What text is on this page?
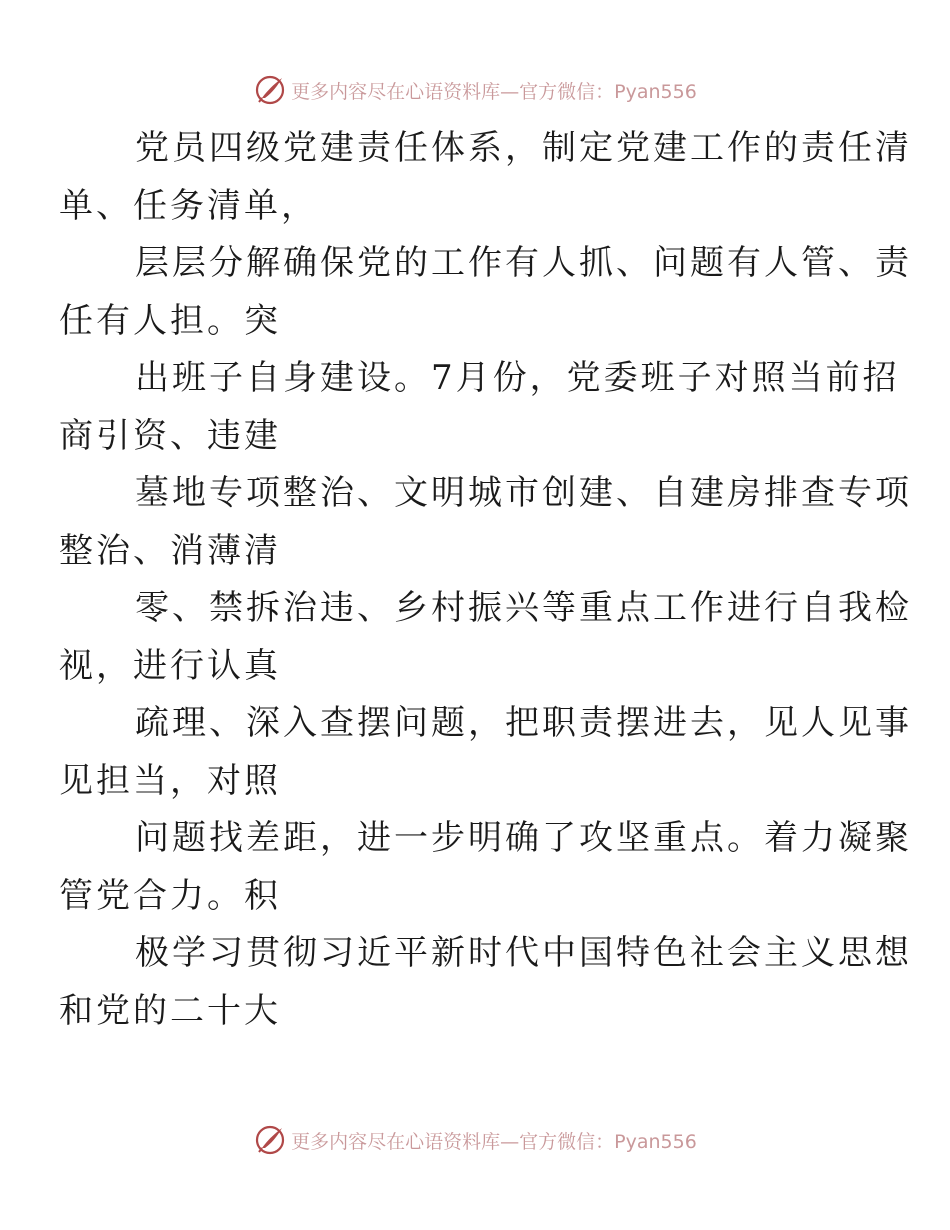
更多内容尽在心语资料库—官方微信：Pyan556

党员四级党建责任体系，制定党建工作的责任清
单、任务清单，

层层分解确保党的工作有人抓、问题有人管、责
任有人担。突

出班子自身建设。7月份，党委班子对照当前招
商引资、违建

墓地专项整治、文明城市创建、自建房排查专项
整治、消薄清

零、禁拆治违、乡村振兴等重点工作进行自我检
视，进行认真

疏理、深入查摆问题，把职责摆进去，见人见事
见担当，对照

问题找差距，进一步明确了攻坚重点。着力凝聚
管党合力。积

极学习贯彻习近平新时代中国特色社会主义思想
和党的二十大

更多内容尽在心语资料库—官方微信：Pyan556
